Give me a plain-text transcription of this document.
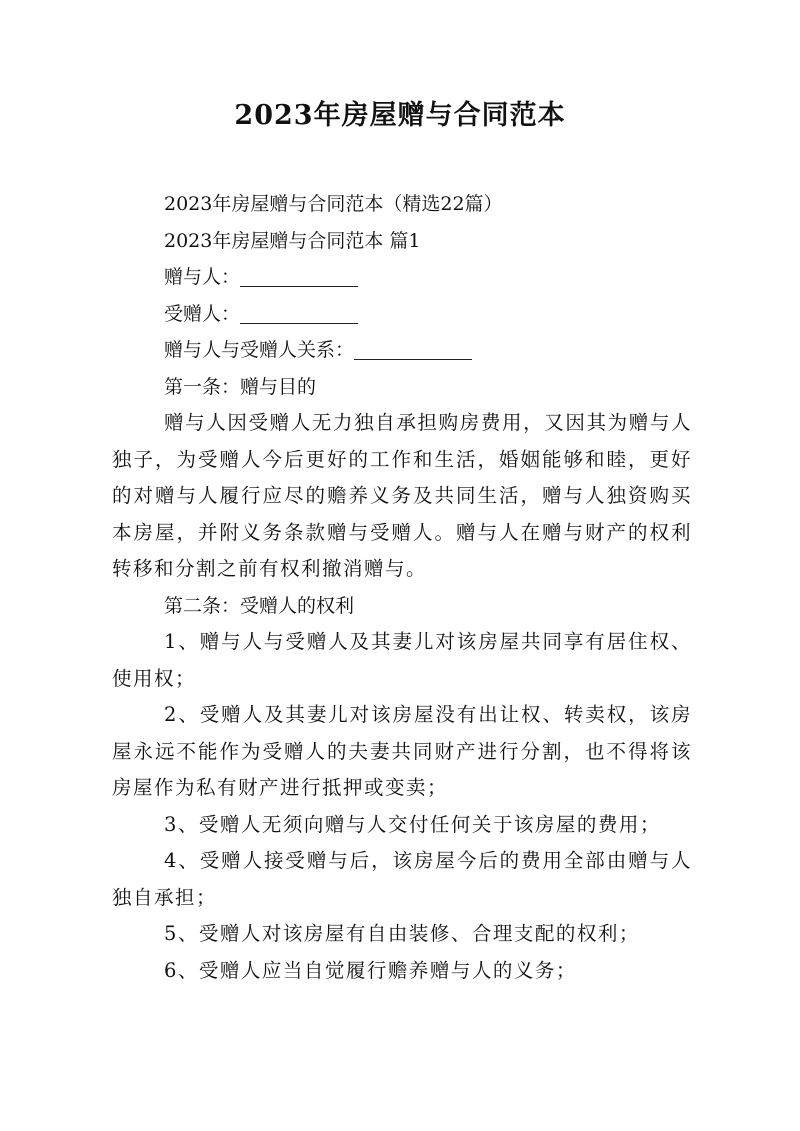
2023年房屋赠与合同范本
2023年房屋赠与合同范本（精选22篇）
2023年房屋赠与合同范本 篇1
赠与人：
受赠人：
赠与人与受赠人关系：
第一条：赠与目的

赠与人因受赠人无力独自承担购房费用，又因其为赠与人独子，为受赠人今后更好的工作和生活，婚姻能够和睦，更好的对赠与人履行应尽的赡养义务及共同生活，赠与人独资购买本房屋，并附义务条款赠与受赠人。赠与人在赠与财产的权利转移和分割之前有权利撤消赠与。

第二条：受赠人的权利

1、赠与人与受赠人及其妻儿对该房屋共同享有居住权、使用权；

2、受赠人及其妻儿对该房屋没有出让权、转卖权，该房屋永远不能作为受赠人的夫妻共同财产进行分割，也不得将该房屋作为私有财产进行抵押或变卖；

3、受赠人无须向赠与人交付任何关于该房屋的费用；

4、受赠人接受赠与后，该房屋今后的费用全部由赠与人独自承担；

5、受赠人对该房屋有自由装修、合理支配的权利；

6、受赠人应当自觉履行赡养赠与人的义务；
